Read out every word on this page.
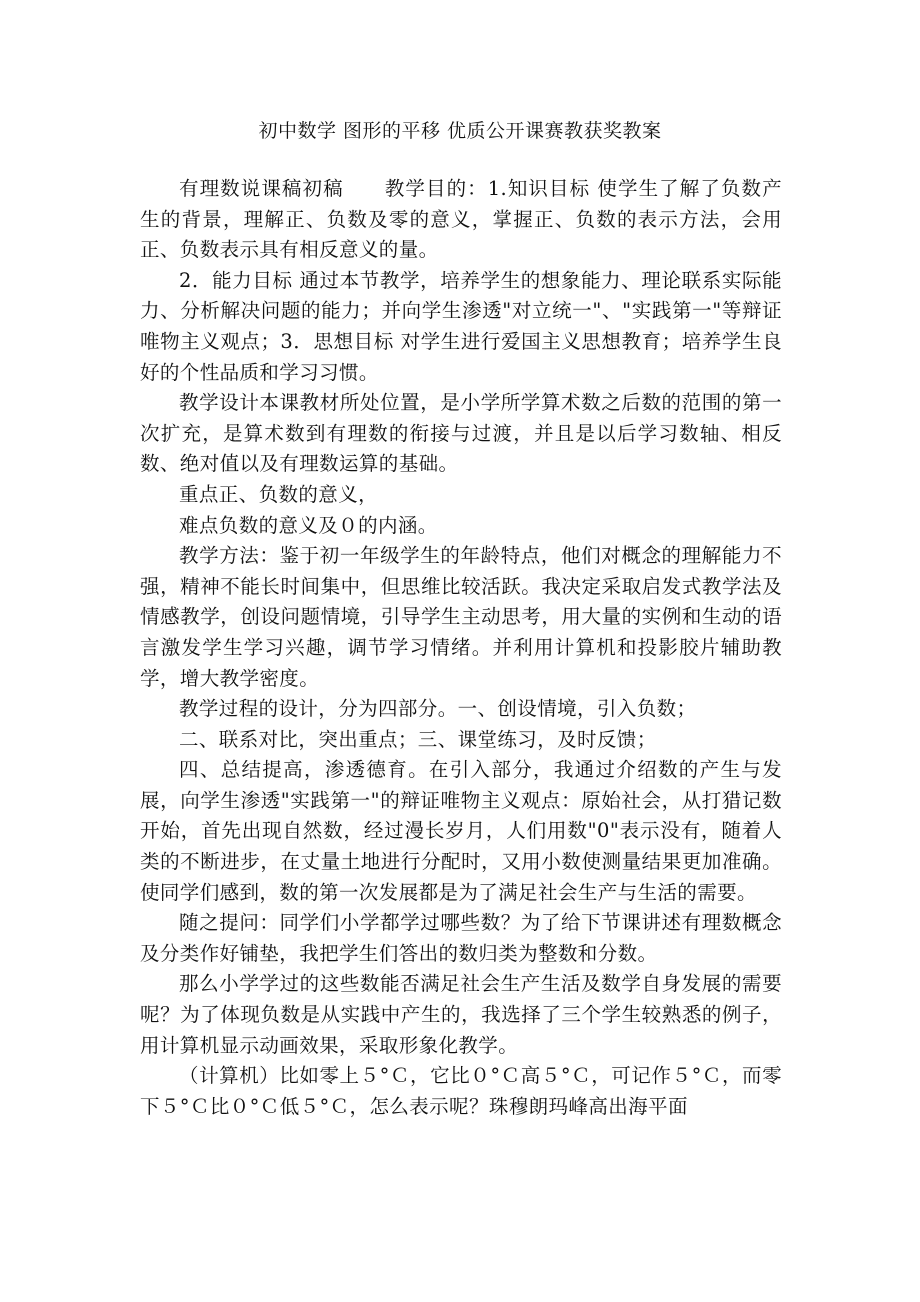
初中数学 图形的平移 优质公开课赛教获奖教案

有理数说课稿初稿　　教学目的：1.知识目标 使学生了解了负数产生的背景，理解正、负数及零的意义，掌握正、负数的表示方法，会用正、负数表示具有相反意义的量。

2．能力目标 通过本节教学，培养学生的想象能力、理论联系实际能力、分析解决问题的能力；并向学生渗透"对立统一"、"实践第一"等辩证唯物主义观点；3．思想目标 对学生进行爱国主义思想教育；培养学生良好的个性品质和学习习惯。

教学设计本课教材所处位置，是小学所学算术数之后数的范围的第一次扩充，是算术数到有理数的衔接与过渡，并且是以后学习数轴、相反数、绝对值以及有理数运算的基础。

重点正、负数的意义，

难点负数的意义及０的内涵。

教学方法：鉴于初一年级学生的年龄特点，他们对概念的理解能力不强，精神不能长时间集中，但思维比较活跃。我决定采取启发式教学法及情感教学，创设问题情境，引导学生主动思考，用大量的实例和生动的语言激发学生学习兴趣，调节学习情绪。并利用计算机和投影胶片辅助教学，增大教学密度。

教学过程的设计，分为四部分。一、创设情境，引入负数；

二、联系对比，突出重点；三、课堂练习，及时反馈；

四、总结提高，渗透德育。在引入部分，我通过介绍数的产生与发展，向学生渗透"实践第一"的辩证唯物主义观点：原始社会，从打猎记数开始，首先出现自然数，经过漫长岁月，人们用数"0"表示没有，随着人类的不断进步，在丈量土地进行分配时，又用小数使测量结果更加准确。使同学们感到，数的第一次发展都是为了满足社会生产与生活的需要。

随之提问：同学们小学都学过哪些数？为了给下节课讲述有理数概念及分类作好铺垫，我把学生们答出的数归类为整数和分数。

那么小学学过的这些数能否满足社会生产生活及数学自身发展的需要呢？为了体现负数是从实践中产生的，我选择了三个学生较熟悉的例子，用计算机显示动画效果，采取形象化教学。

（计算机）比如零上５°Ｃ，它比０°Ｃ高５°Ｃ，可记作５°Ｃ，而零下５°Ｃ比０°Ｃ低５°Ｃ，怎么表示呢？珠穆朗玛峰高出海平面
